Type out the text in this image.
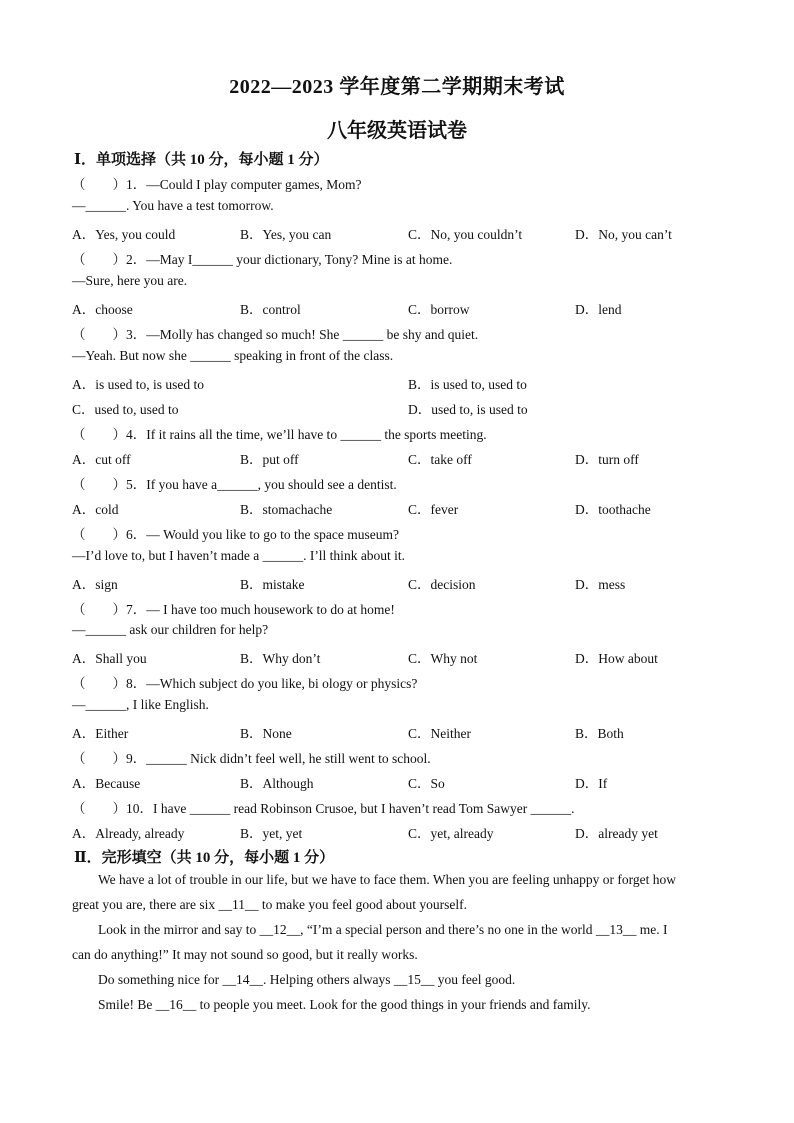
2022—2023 学年度第二学期期末考试
八年级英语试卷
Ⅰ．单项选择（共 10 分，每小题 1 分）
（　　）1．—Could I play computer games, Mom?
—______. You have a test tomorrow.
A．Yes, you could	B．Yes, you can	C．No, you couldn’t	D．No, you can’t
（　　）2．—May I______ your dictionary, Tony? Mine is at home.
—Sure, here you are.
A．choose	B．control	C．borrow	D．lend
（　　）3．—Molly has changed so much! She ______ be shy and quiet.
—Yeah. But now she ______ speaking in front of the class.
A．is used to, is used to	B．is used to, used to
C．used to, used to	D．used to, is used to
（　　）4．If it rains all the time, we’ll have to ______ the sports meeting.
A．cut off	B．put off	C．take off	D．turn off
（　　）5．If you have a______, you should see a dentist.
A．cold	B．stomachache	C．fever	D．toothache
（　　）6．— Would you like to go to the space museum?
—I’d love to, but I haven’t made a ______. I’ll think about it.
A．sign	B．mistake	C．decision	D．mess
（　　）7．— I have too much housework to do at home!
—______ ask our children for help?
A．Shall you	B．Why don’t	C．Why not	D．How about
（　　）8．—Which subject do you like, bi ology or physics?
—______, I like English.
A．Either	B．None	C．Neither	B．Both
（　　）9．______ Nick didn’t feel well, he still went to school.
A．Because	B．Although	C．So	D．If
（　　）10．I have ______ read Robinson Crusoe, but I haven’t read Tom Sawyer ______.
A．Already, already	B．yet, yet	C．yet, already	D．already yet
Ⅱ．完形填空（共 10 分，每小题 1 分）
We have a lot of trouble in our life, but we have to face them. When you are feeling unhappy or forget how
great you are, there are six __11__ to make you feel good about yourself.
Look in the mirror and say to __12__, “I’m a special person and there’s no one in the world __13__ me. I
can do anything!” It may not sound so good, but it really works.
Do something nice for __14__. Helping others always __15__ you feel good.
Smile! Be __16__ to people you meet. Look for the good things in your friends and family.
